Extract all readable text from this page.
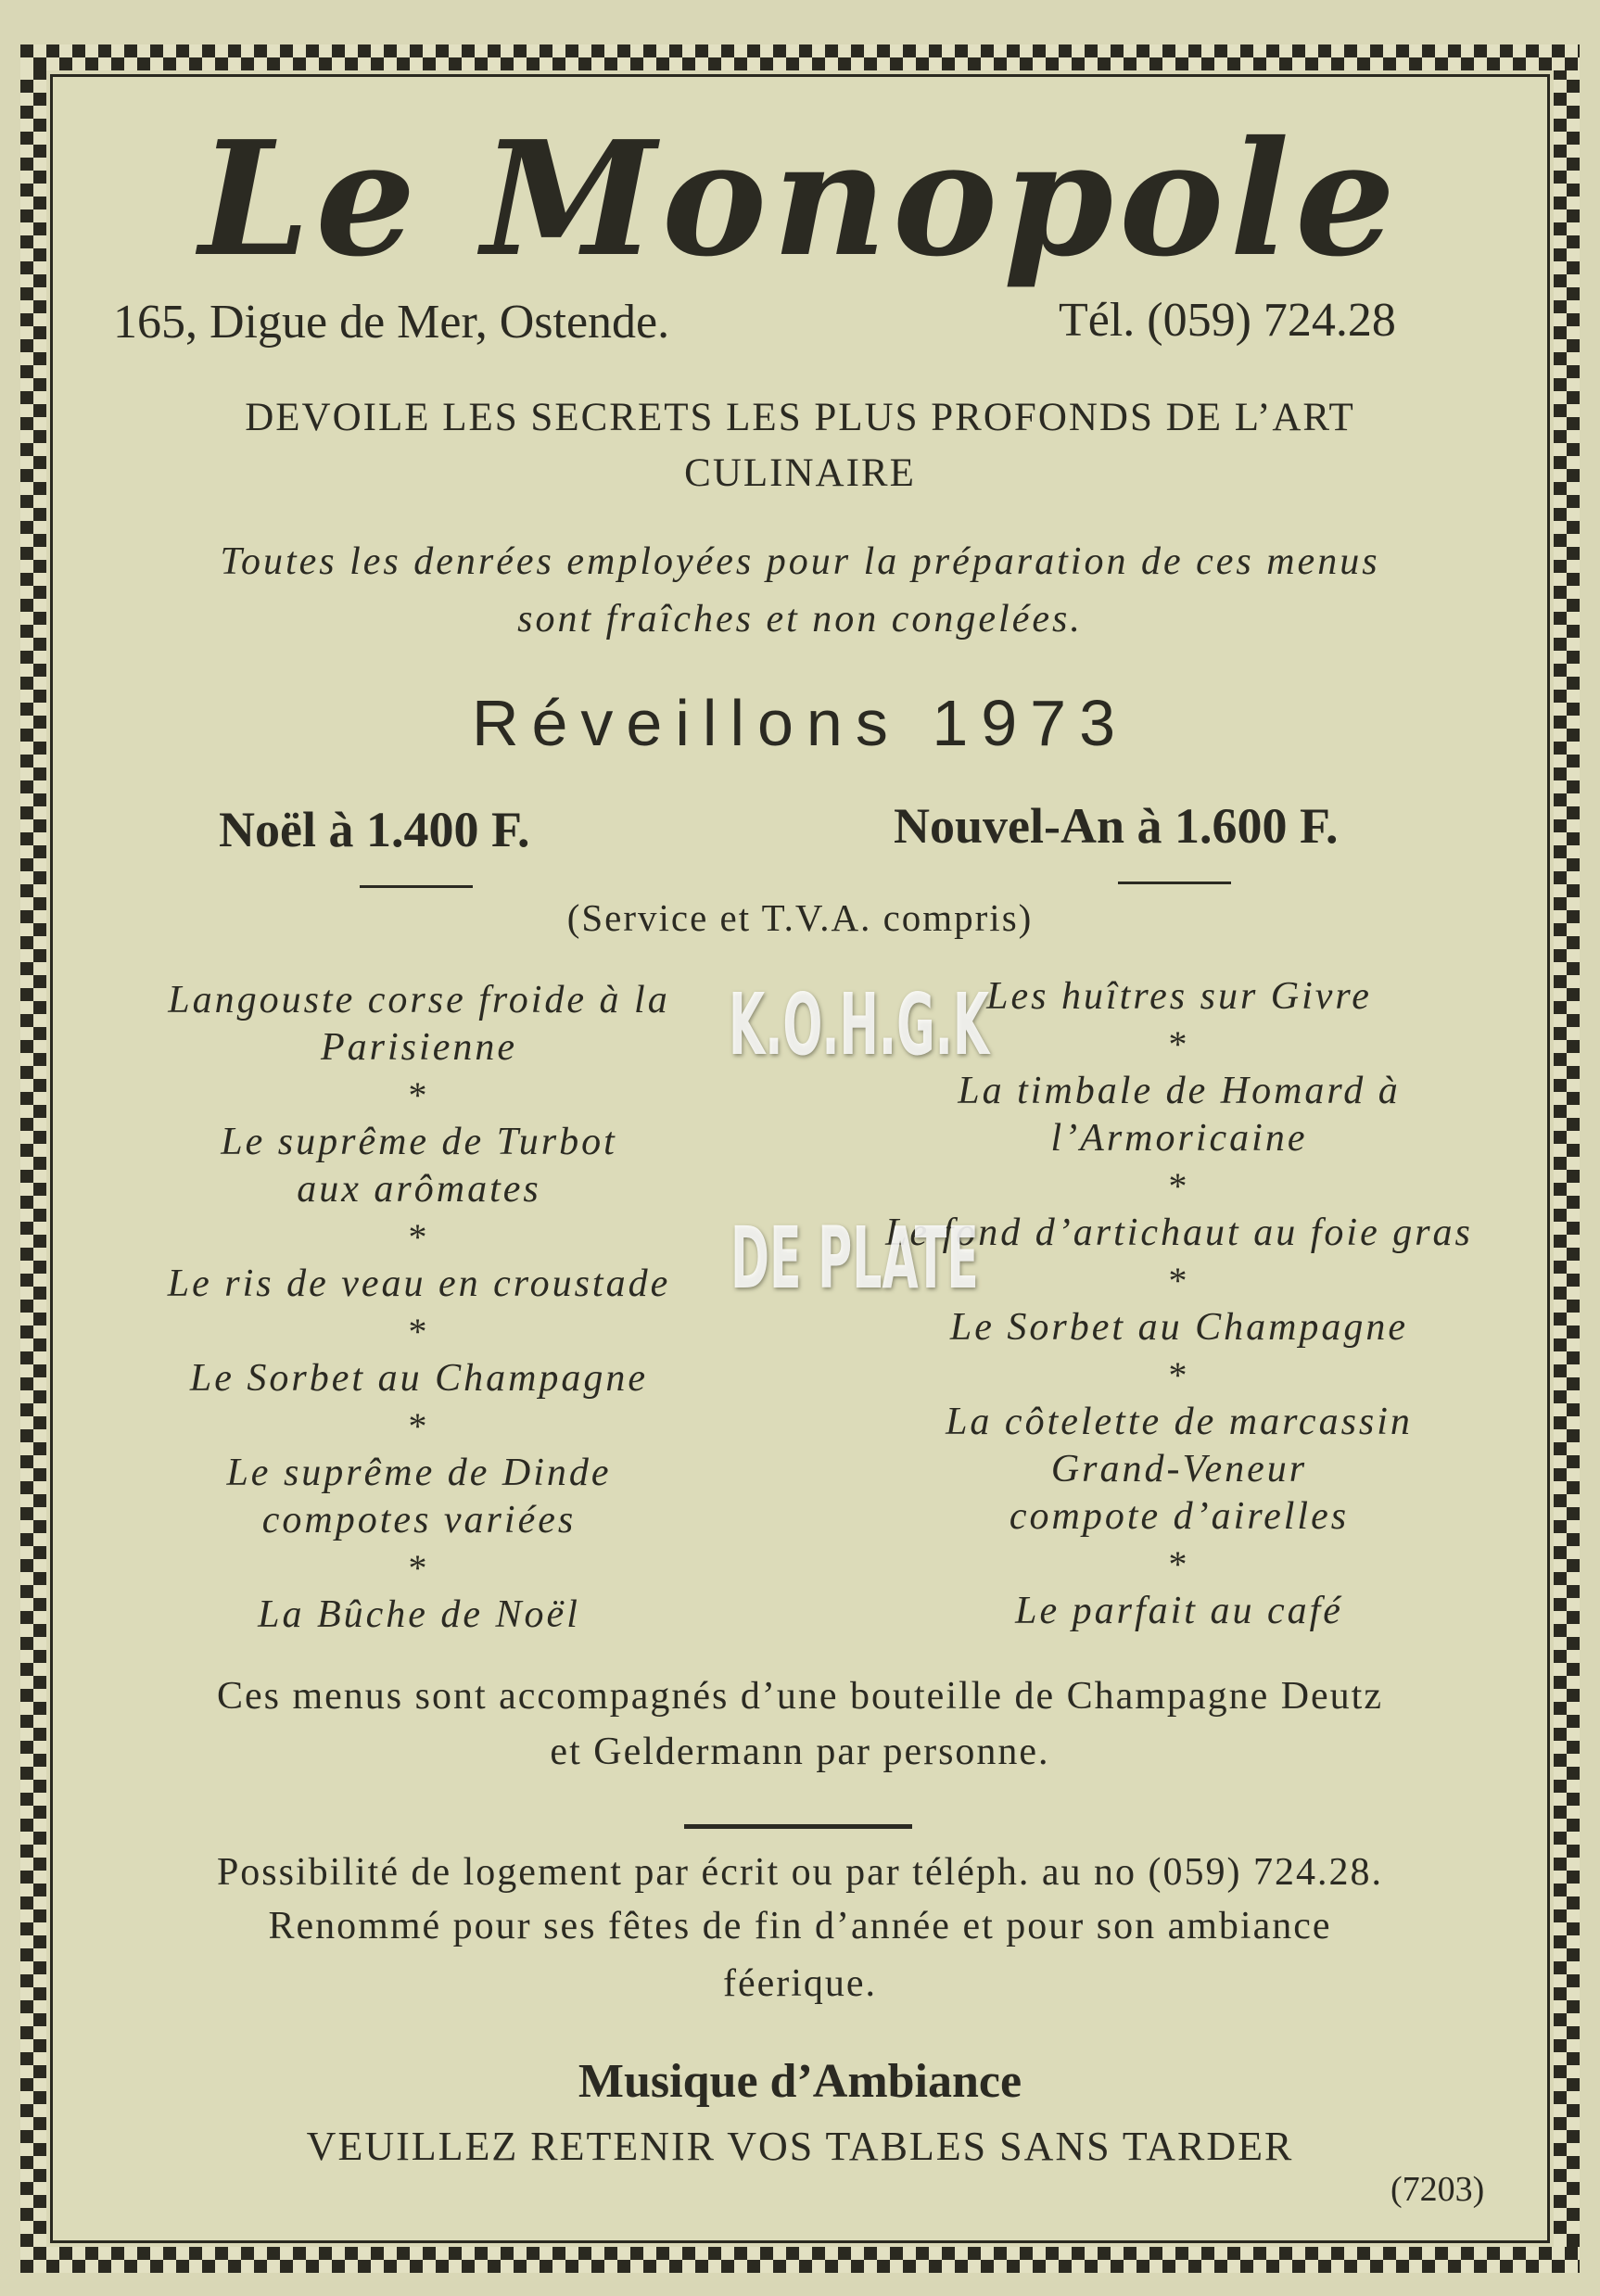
Le Monopole
165, Digue de Mer, Ostende.	Tél. (059) 724.28
DEVOILE LES SECRETS LES PLUS PROFONDS DE L’ART
CULINAIRE
Toutes les denrées employées pour la préparation de ces menus
sont fraîches et non congelées.
Réveillons 1973
Noël à 1.400 F.	Nouvel-An à 1.600 F.
(Service et T.V.A. compris)
Langouste corse froide à la
Parisienne
*
Le suprême de Turbot
aux arômates
*
Le ris de veau en croustade
*
Le Sorbet au Champagne
*
Le suprême de Dinde
compotes variées
*
La Bûche de Noël
Les huîtres sur Givre
*
La timbale de Homard à
l’Armoricaine
*
Le fond d’artichaut au foie gras
*
Le Sorbet au Champagne
*
La côtelette de marcassin
Grand-Veneur
compote d’airelles
*
Le parfait au café
K.O.H.G.K
DE PLATE
Ces menus sont accompagnés d’une bouteille de Champagne Deutz
et Geldermann par personne.
Possibilité de logement par écrit ou par téléph. au no (059) 724.28.
Renommé pour ses fêtes de fin d’année et pour son ambiance
féerique.
Musique d’Ambiance
VEUILLEZ RETENIR VOS TABLES SANS TARDER
(7203)
